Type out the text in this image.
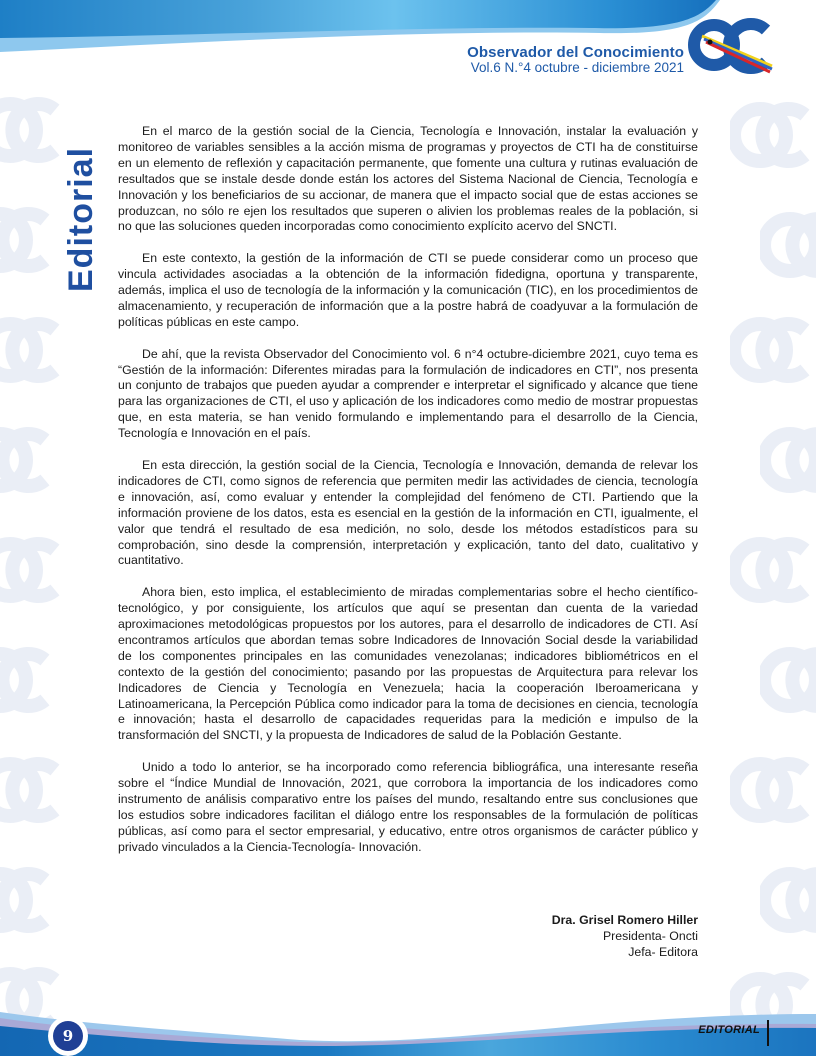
Observador del Conocimiento
Vol.6 N.°4 octubre - diciembre 2021
Editorial

En el marco de la gestión social de la Ciencia, Tecnología e Innovación, instalar la evaluación y monitoreo de variables sensibles a la acción misma de programas y proyectos de CTI ha de constituirse en un elemento de reflexión y capacitación permanente, que fomente una cultura y rutinas evaluación de resultados que se instale desde donde están los actores del Sistema Nacional de Ciencia, Tecnología e Innovación y los beneficiarios de su accionar, de manera que el impacto social que de estas acciones se produzcan, no sólo re ejen los resultados que superen o alivien los problemas reales de la población, si no que las soluciones queden incorporadas como conocimiento explícito acervo del SNCTI.

En este contexto, la gestión de la información de CTI se puede considerar como un proceso que vincula actividades asociadas a la obtención de la información fidedigna, oportuna y transparente, además, implica el uso de tecnología de la información y la comunicación (TIC), en los procedimientos de almacenamiento, y recuperación de información que a la postre habrá de coadyuvar a la formulación de políticas públicas en este campo.

De ahí, que la revista Observador del Conocimiento vol. 6 n°4 octubre-diciembre 2021, cuyo tema es “Gestión de la información: Diferentes miradas para la formulación de indicadores en CTI”, nos presenta un conjunto de trabajos que pueden ayudar a comprender e interpretar el significado y alcance que tiene para las organizaciones de CTI, el uso y aplicación de los indicadores como medio de mostrar propuestas que, en esta materia, se han venido formulando e implementando para el desarrollo de la Ciencia, Tecnología e Innovación en el país.

En esta dirección, la gestión social de la Ciencia, Tecnología e Innovación, demanda de relevar los indicadores de CTI, como signos de referencia que permiten medir las actividades de ciencia, tecnología e innovación, así, como evaluar y entender la complejidad del fenómeno de CTI. Partiendo que la información proviene de los datos, esta es esencial en la gestión de la información en CTI, igualmente, el valor que tendrá el resultado de esa medición, no solo, desde los métodos estadísticos para su comprobación, sino desde la comprensión, interpretación y explicación, tanto del dato, cualitativo y cuantitativo.

Ahora bien, esto implica, el establecimiento de miradas complementarias sobre el hecho científico-tecnológico, y por consiguiente, los artículos que aquí se presentan dan cuenta de la variedad aproximaciones metodológicas propuestos por los autores, para el desarrollo de indicadores de CTI. Así encontramos artículos que abordan temas sobre Indicadores de Innovación Social desde la variabilidad de los componentes principales en las comunidades venezolanas; indicadores bibliométricos en el contexto de la gestión del conocimiento; pasando por las propuestas de Arquitectura para relevar los Indicadores de Ciencia y Tecnología en Venezuela; hacia la cooperación Iberoamericana y Latinoamericana, la Percepción Pública como indicador para la toma de decisiones en ciencia, tecnología e innovación; hasta el desarrollo de capacidades requeridas para la medición e impulso de la transformación del SNCTI, y la propuesta de Indicadores de salud de la Población Gestante.

Unido a todo lo anterior, se ha incorporado como referencia bibliográfica, una interesante reseña sobre el “Índice Mundial de Innovación, 2021, que corrobora la importancia de los indicadores como instrumento de análisis comparativo entre los países del mundo, resaltando entre sus conclusiones que los estudios sobre indicadores facilitan el diálogo entre los responsables de la formulación de políticas públicas, así como para el sector empresarial, y educativo, entre otros organismos de carácter público y privado vinculados a la Ciencia-Tecnología- Innovación.

Dra. Grisel Romero Hiller
Presidenta- Oncti
Jefa- Editora
9	EDITORIAL
